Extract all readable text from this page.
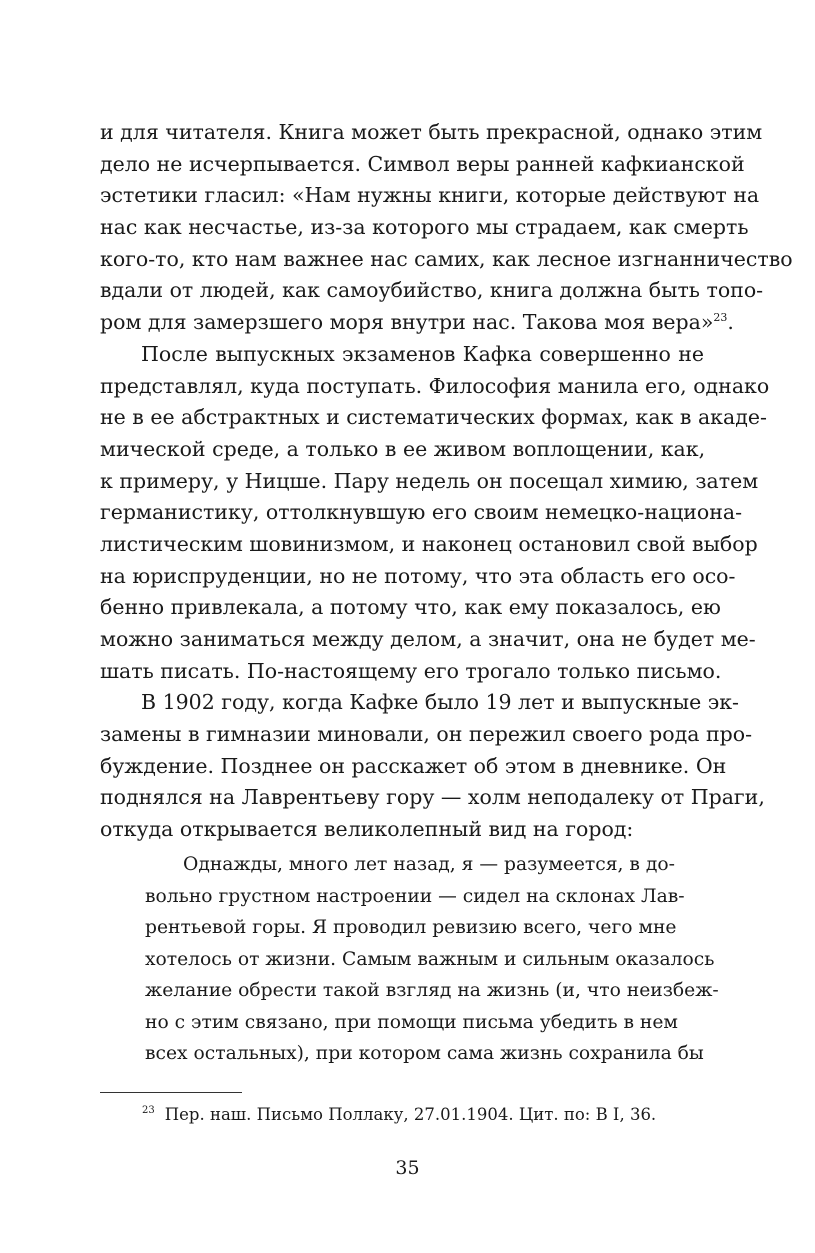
и для читателя. Книга может быть прекрасной, однако этим
дело не исчерпывается. Символ веры ранней кафкианской
эстетики гласил: «Нам нужны книги, которые действуют на
нас как несчастье, из-за которого мы страдаем, как смерть
кого-то, кто нам важнее нас самих, как лесное изгнанничество
вдали от людей, как самоубийство, книга должна быть топо-
ром для замерзшего моря внутри нас. Такова моя вера»$^{23}$.
После выпускных экзаменов Кафка совершенно не
представлял, куда поступать. Философия манила его, однако
не в ее абстрактных и систематических формах, как в акаде-
мической среде, а только в ее живом воплощении, как,
к примеру, у Ницше. Пару недель он посещал химию, затем
германистику, оттолкнувшую его своим немецко-национа-
листическим шовинизмом, и наконец остановил свой выбор
на юриспруденции, но не потому, что эта область его осо-
бенно привлекала, а потому что, как ему показалось, ею
можно заниматься между делом, а значит, она не будет ме-
шать писать. По-настоящему его трогало только письмо.
В 1902 году, когда Кафке было 19 лет и выпускные эк-
замены в гимназии миновали, он пережил своего рода про-
буждение. Позднее он расскажет об этом в дневнике. Он
поднялся на Лаврентьеву гору — холм неподалеку от Праги,
откуда открывается великолепный вид на город:
Однажды, много лет назад, я — разумеется, в до-
вольно грустном настроении — сидел на склонах Лав-
рентьевой горы. Я проводил ревизию всего, чего мне
хотелось от жизни. Самым важным и сильным оказалось
желание обрести такой взгляд на жизнь (и, что неизбеж-
но с этим связано, при помощи письма убедить в нем
всех остальных), при котором сама жизнь сохранила бы
$^{23}$ Пер. наш. Письмо Поллаку, 27.01.1904. Цит. по: B I, 36.
35
